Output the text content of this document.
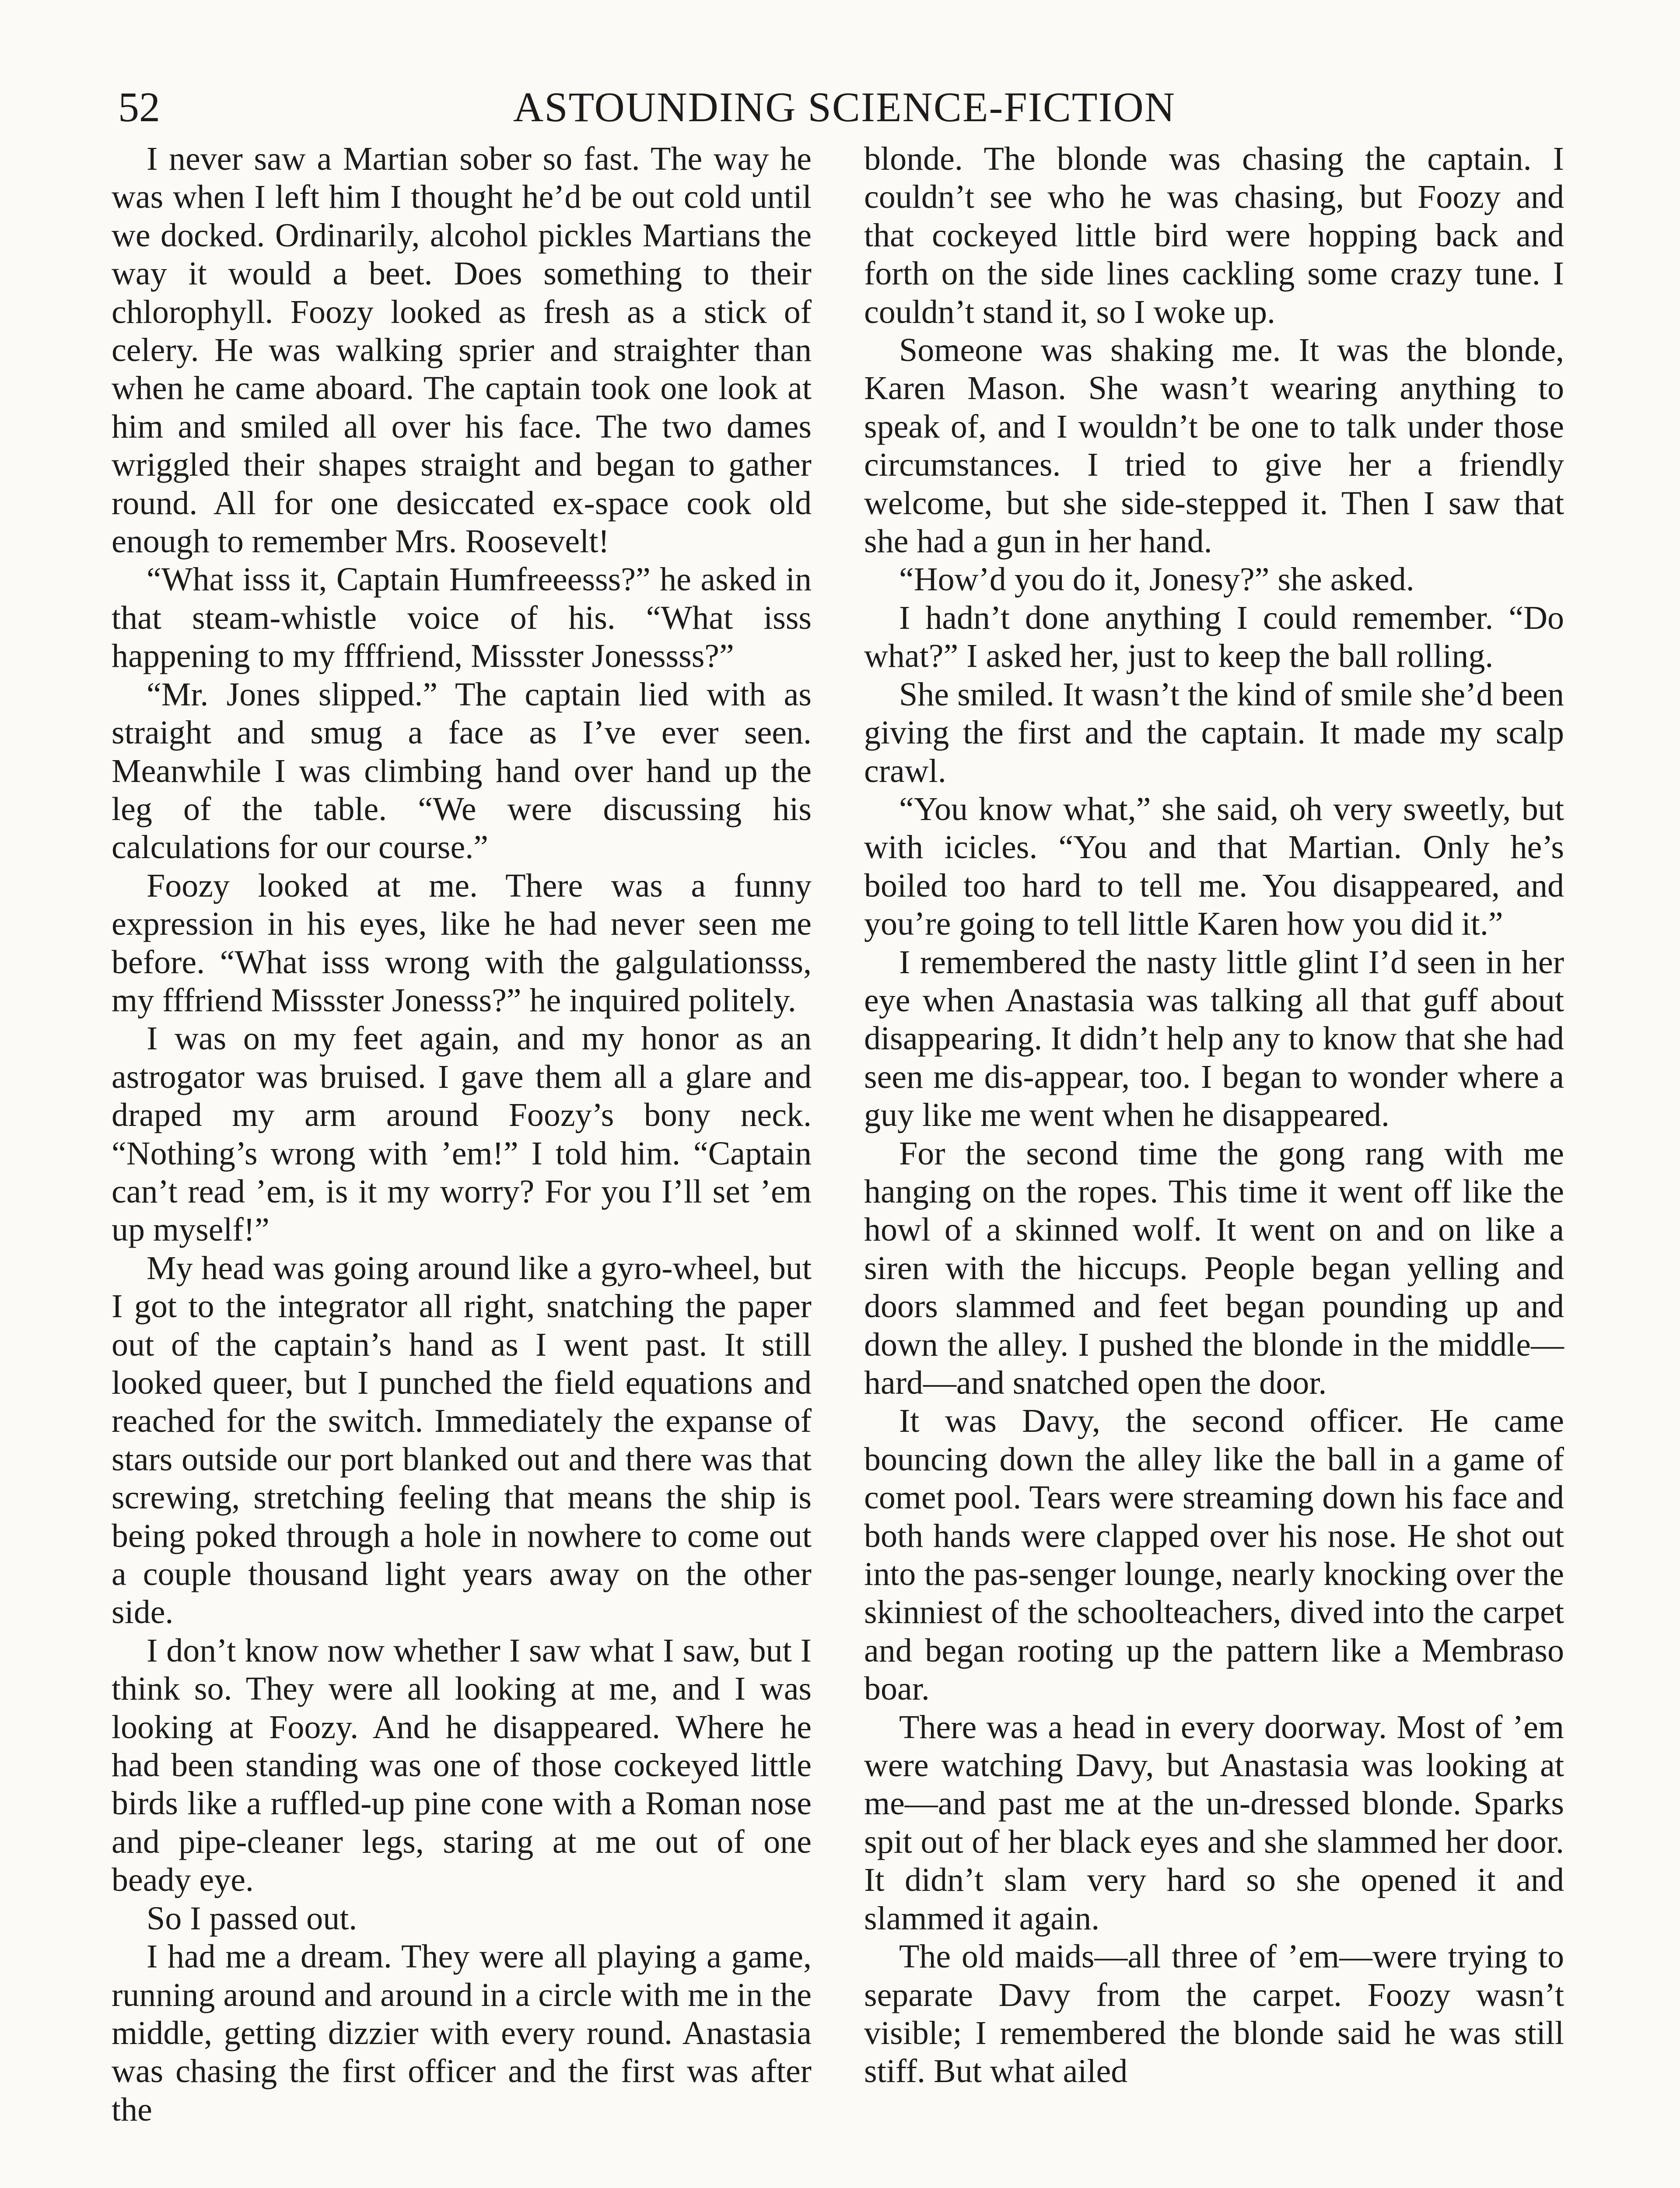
52	ASTOUNDING SCIENCE-FICTION

I never saw a Martian sober so fast. The way he was when I left him I thought he’d be out cold until we docked. Ordinarily, alcohol pickles Martians the way it would a beet. Does something to their chlorophyll. Foozy looked as fresh as a stick of celery. He was walking sprier and straighter than when he came aboard. The captain took one look at him and smiled all over his face. The two dames wriggled their shapes straight and began to gather round. All for one desiccated ex-space cook old enough to remember Mrs. Roosevelt!

“What isss it, Captain Humfreeesss?” he asked in that steam-whistle voice of his. “What isss happening to my ffffriend, Missster Jonessss?”

“Mr. Jones slipped.” The captain lied with as straight and smug a face as I’ve ever seen. Meanwhile I was climbing hand over hand up the leg of the table. “We were discussing his calculations for our course.”

Foozy looked at me. There was a funny expression in his eyes, like he had never seen me before. “What isss wrong with the galgulationsss, my fffriend Missster Jonesss?” he inquired politely.

I was on my feet again, and my honor as an astrogator was bruised. I gave them all a glare and draped my arm around Foozy’s bony neck. “Nothing’s wrong with ’em!” I told him. “Captain can’t read ’em, is it my worry? For you I’ll set ’em up myself!”

My head was going around like a gyro-wheel, but I got to the integrator all right, snatching the paper out of the captain’s hand as I went past. It still looked queer, but I punched the field equations and reached for the switch. Immediately the expanse of stars outside our port blanked out and there was that screwing, stretching feeling that means the ship is being poked through a hole in nowhere to come out a couple thousand light years away on the other side.

I don’t know now whether I saw what I saw, but I think so. They were all looking at me, and I was looking at Foozy. And he disappeared. Where he had been standing was one of those cockeyed little birds like a ruffled-up pine cone with a Roman nose and pipe-cleaner legs, staring at me out of one beady eye.

So I passed out.

I had me a dream. They were all playing a game, running around and around in a circle with me in the middle, getting dizzier with every round. Anastasia was chasing the first officer and the first was after the

blonde. The blonde was chasing the captain. I couldn’t see who he was chasing, but Foozy and that cockeyed little bird were hopping back and forth on the side lines cackling some crazy tune. I couldn’t stand it, so I woke up.

Someone was shaking me. It was the blonde, Karen Mason. She wasn’t wearing anything to speak of, and I wouldn’t be one to talk under those circumstances. I tried to give her a friendly welcome, but she side-stepped it. Then I saw that she had a gun in her hand.

“How’d you do it, Jonesy?” she asked.

I hadn’t done anything I could remember. “Do what?” I asked her, just to keep the ball rolling.

She smiled. It wasn’t the kind of smile she’d been giving the first and the captain. It made my scalp crawl.

“You know what,” she said, oh very sweetly, but with icicles. “You and that Martian. Only he’s boiled too hard to tell me. You disappeared, and you’re going to tell little Karen how you did it.”

I remembered the nasty little glint I’d seen in her eye when Anastasia was talking all that guff about disappearing. It didn’t help any to know that she had seen me dis-appear, too. I began to wonder where a guy like me went when he disappeared.

For the second time the gong rang with me hanging on the ropes. This time it went off like the howl of a skinned wolf. It went on and on like a siren with the hiccups. People began yelling and doors slammed and feet began pounding up and down the alley. I pushed the blonde in the middle—hard—and snatched open the door.

It was Davy, the second officer. He came bouncing down the alley like the ball in a game of comet pool. Tears were streaming down his face and both hands were clapped over his nose. He shot out into the pas-senger lounge, nearly knocking over the skinniest of the schoolteachers, dived into the carpet and began rooting up the pattern like a Membraso boar.

There was a head in every doorway. Most of ’em were watching Davy, but Anastasia was looking at me—and past me at the un-dressed blonde. Sparks spit out of her black eyes and she slammed her door. It didn’t slam very hard so she opened it and slammed it again.

The old maids—all three of ’em—were trying to separate Davy from the carpet. Foozy wasn’t visible; I remembered the blonde said he was still stiff. But what ailed
